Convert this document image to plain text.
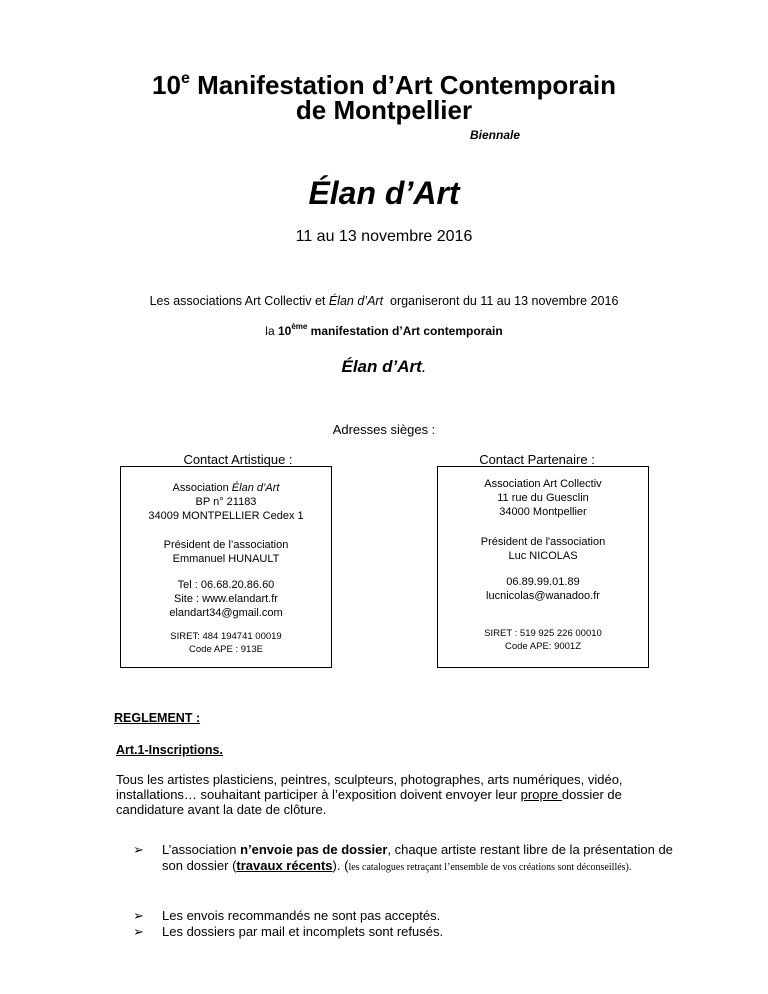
10e Manifestation d’Art Contemporain
de Montpellier
Biennale
Élan d’Art
11 au 13 novembre 2016
Les associations Art Collectiv et Élan d’Art  organiseront du 11 au 13 novembre 2016
la 10ème manifestation d’Art contemporain
Élan d’Art.
Adresses sièges :
Contact Artistique :	Contact Partenaire :
Association Élan d’Art
BP n° 21183
34009 MONTPELLIER Cedex 1
Président de l’association
Emmanuel HUNAULT
Tel : 06.68.20.86.60
Site : www.elandart.fr
elandart34@gmail.com
SIRET: 484 194741 00019
Code APE : 913E
Association Art Collectiv
11 rue du Guesclin
34000 Montpellier
Président de l'association
Luc NICOLAS
06.89.99.01.89
lucnicolas@wanadoo.fr
SIRET : 519 925 226 00010
Code APE: 9001Z
REGLEMENT :
Art.1-Inscriptions.
Tous les artistes plasticiens, peintres, sculpteurs, photographes, arts numériques, vidéo, installations… souhaitant participer à l’exposition doivent envoyer leur propre dossier de candidature avant la date de clôture.
➢ L’association n’envoie pas de dossier, chaque artiste restant libre de la présentation de son dossier (travaux récents). (les catalogues retraçant l’ensemble de vos créations sont déconseillés).
➢ Les envois recommandés ne sont pas acceptés.
➢ Les dossiers par mail et incomplets sont refusés.
